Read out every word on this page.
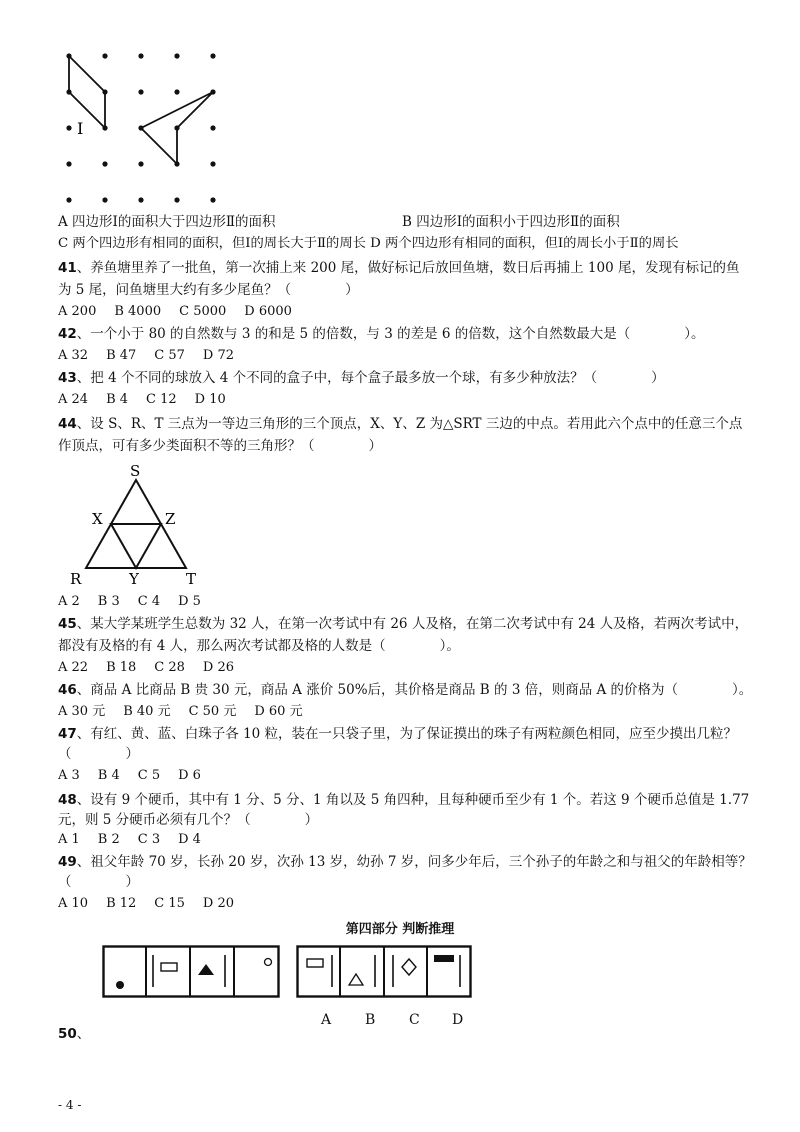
I
A 四边形Ⅰ的面积大于四边形Ⅱ的面积	B 四边形Ⅰ的面积小于四边形Ⅱ的面积
C 两个四边形有相同的面积，但Ⅰ的周长大于Ⅱ的周长 D 两个四边形有相同的面积，但Ⅰ的周长小于Ⅱ的周长
41、养鱼塘里养了一批鱼，第一次捕上来 200 尾，做好标记后放回鱼塘，数日后再捕上 100 尾，发现有标记的鱼
为 5 尾，问鱼塘里大约有多少尾鱼？（　　　　）
A 200 B 4000 C 5000 D 6000
42、一个小于 80 的自然数与 3 的和是 5 的倍数，与 3 的差是 6 的倍数，这个自然数最大是（　　　　）。
A 32 B 47 C 57 D 72
43、把 4 个不同的球放入 4 个不同的盒子中，每个盒子最多放一个球，有多少种放法？（　　　　）
A 24 B 4 C 12 D 10
44、设 S、R、T 三点为一等边三角形的三个顶点，X、Y、Z 为△SRT 三边的中点。若用此六个点中的任意三个点
作顶点，可有多少类面积不等的三角形？（　　　　）
S
X	Z
R	Y	T
A 2 B 3 C 4 D 5
45、某大学某班学生总数为 32 人，在第一次考试中有 26 人及格，在第二次考试中有 24 人及格，若两次考试中，
都没有及格的有 4 人，那么两次考试都及格的人数是（　　　　）。
A 22 B 18 C 28 D 26
46、商品 A 比商品 B 贵 30 元，商品 A 涨价 50%后，其价格是商品 B 的 3 倍，则商品 A 的价格为（　　　　）。
A 30 元 B 40 元 C 50 元 D 60 元
47、有红、黄、蓝、白珠子各 10 粒，装在一只袋子里，为了保证摸出的珠子有两粒颜色相同，应至少摸出几粒？
（　　　　）
A 3 B 4 C 5 D 6
48、设有 9 个硬币，其中有 1 分、5 分、1 角以及 5 角四种，且每种硬币至少有 1 个。若这 9 个硬币总值是 1.77
元，则 5 分硬币必须有几个？（　　　　）
A 1 B 2 C 3 D 4
49、祖父年龄 70 岁，长孙 20 岁，次孙 13 岁，幼孙 7 岁，问多少年后，三个孙子的年龄之和与祖父的年龄相等？
（　　　　）
A 10 B 12 C 15 D 20
第四部分 判断推理
A B C D
50、
- 4 -
